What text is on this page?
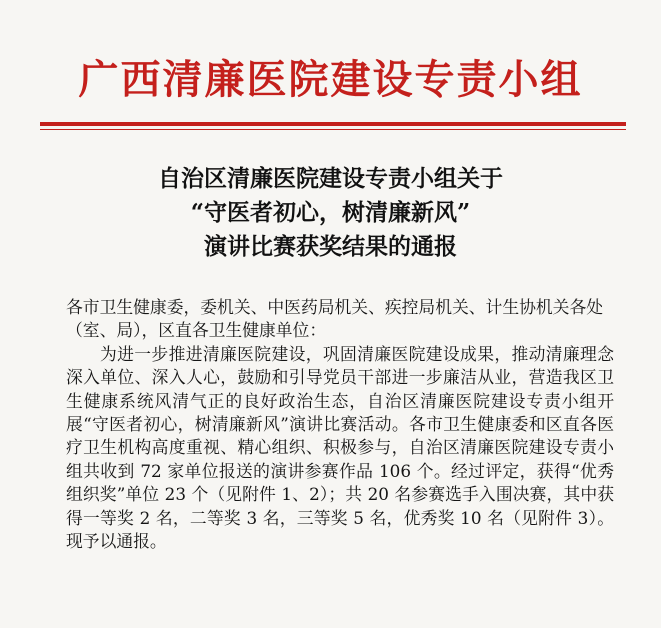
广西清廉医院建设专责小组
自治区清廉医院建设专责小组关于
“守医者初心，树清廉新风”
演讲比赛获奖结果的通报

各市卫生健康委，委机关、中医药局机关、疾控局机关、计生协机关各处（室、局），区直各卫生健康单位：

为进一步推进清廉医院建设，巩固清廉医院建设成果，推动清廉理念深入单位、深入人心，鼓励和引导党员干部进一步廉洁从业，营造我区卫生健康系统风清气正的良好政治生态，自治区清廉医院建设专责小组开展“守医者初心，树清廉新风”演讲比赛活动。各市卫生健康委和区直各医疗卫生机构高度重视、精心组织、积极参与，自治区清廉医院建设专责小组共收到 72 家单位报送的演讲参赛作品 106 个。经过评定，获得“优秀组织奖”单位 23 个（见附件 1、2）；共 20 名参赛选手入围决赛，其中获得一等奖 2 名，二等奖 3 名，三等奖 5 名，优秀奖 10 名（见附件 3）。现予以通报。
